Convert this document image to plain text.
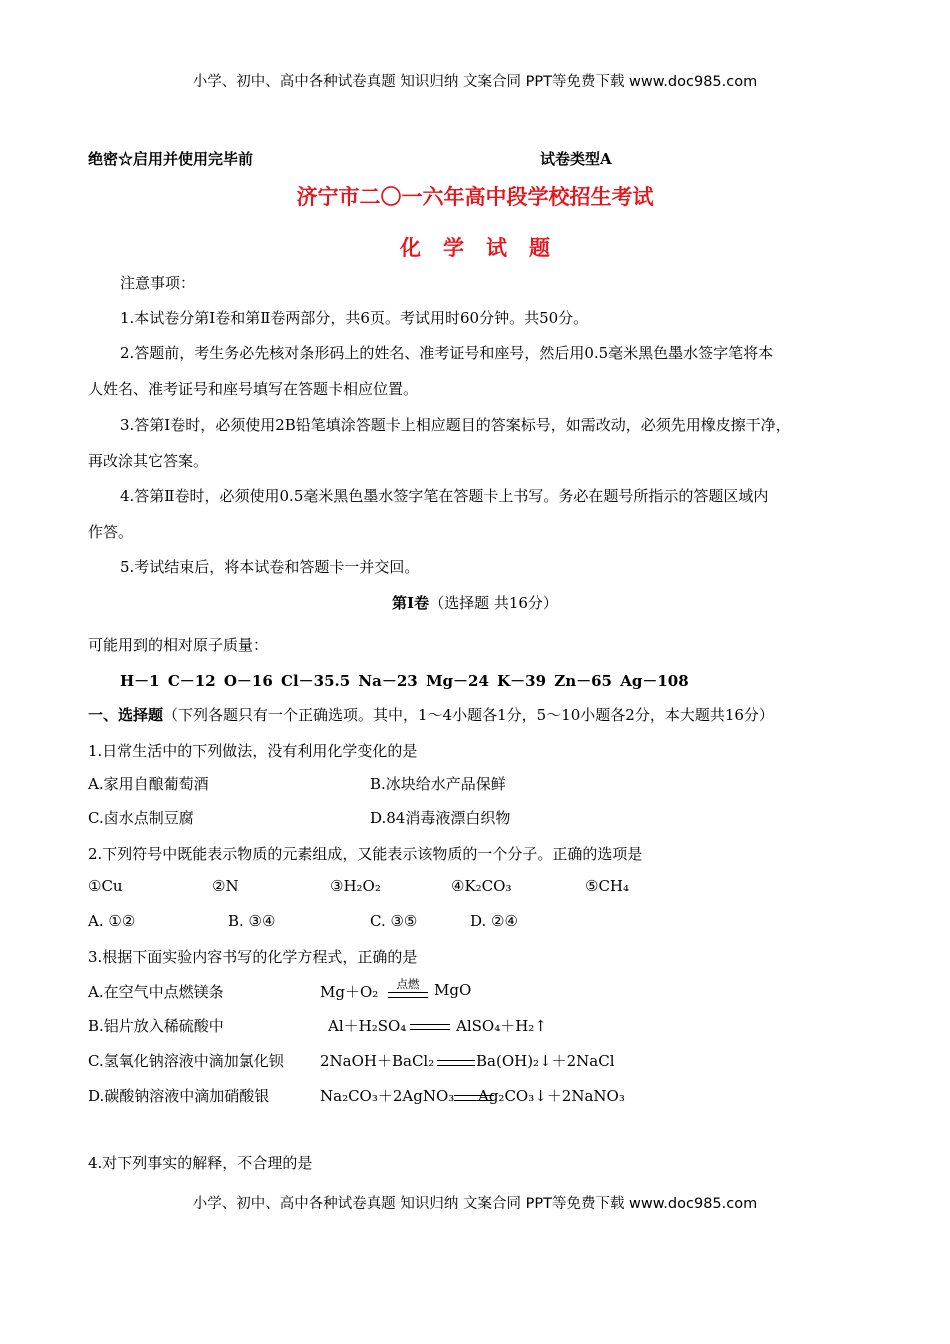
小学、初中、高中各种试卷真题 知识归纳 文案合同 PPT等免费下载 www.doc985.com
小学、初中、高中各种试卷真题 知识归纳 文案合同 PPT等免费下载 www.doc985.com
绝密☆启用并使用完毕前	试卷类型A
济宁市二〇一六年高中段学校招生考试
化学试题
注意事项：
1.本试卷分第Ⅰ卷和第Ⅱ卷两部分，共6页。考试用时60分钟。共50分。
2.答题前，考生务必先核对条形码上的姓名、准考证号和座号，然后用0.5毫米黑色墨水签字笔将本
人姓名、准考证号和座号填写在答题卡相应位置。
3.答第Ⅰ卷时，必须使用2B铅笔填涂答题卡上相应题目的答案标号，如需改动，必须先用橡皮擦干净，
再改涂其它答案。
4.答第Ⅱ卷时，必须使用0.5毫米黑色墨水签字笔在答题卡上书写。务必在题号所指示的答题区域内
作答。
5.考试结束后，将本试卷和答题卡一并交回。
第Ⅰ卷（选择题 共16分）
可能用到的相对原子质量：
H－1 C－12 O－16 Cl－35.5 Na－23 Mg－24 K－39 Zn－65 Ag－108
一、选择题（下列各题只有一个正确选项。其中，1～4小题各1分，5～10小题各2分，本大题共16分）
1.日常生活中的下列做法，没有利用化学变化的是
A.家用自酿葡萄酒	B.冰块给水产品保鲜
C.卤水点制豆腐	D.84消毒液漂白织物
2.下列符号中既能表示物质的元素组成，又能表示该物质的一个分子。正确的选项是
①Cu	②N	③H₂O₂	④K₂CO₃	⑤CH₄
A. ①②	B. ③④	C. ③⑤	D. ②④
3.根据下面实验内容书写的化学方程式，正确的是
A.在空气中点燃镁条	Mg＋O₂	点燃 MgO
B.铝片放入稀硫酸中	Al＋H₂SO₄	AlSO₄＋H₂↑
C.氢氧化钠溶液中滴加氯化钡 2NaOH＋BaCl₂	Ba(OH)₂↓＋2NaCl
D.碳酸钠溶液中滴加硝酸银	Na₂CO₃＋2AgNO₃ Ag₂CO₃↓＋2NaNO₃
4.对下列事实的解释，不合理的是
